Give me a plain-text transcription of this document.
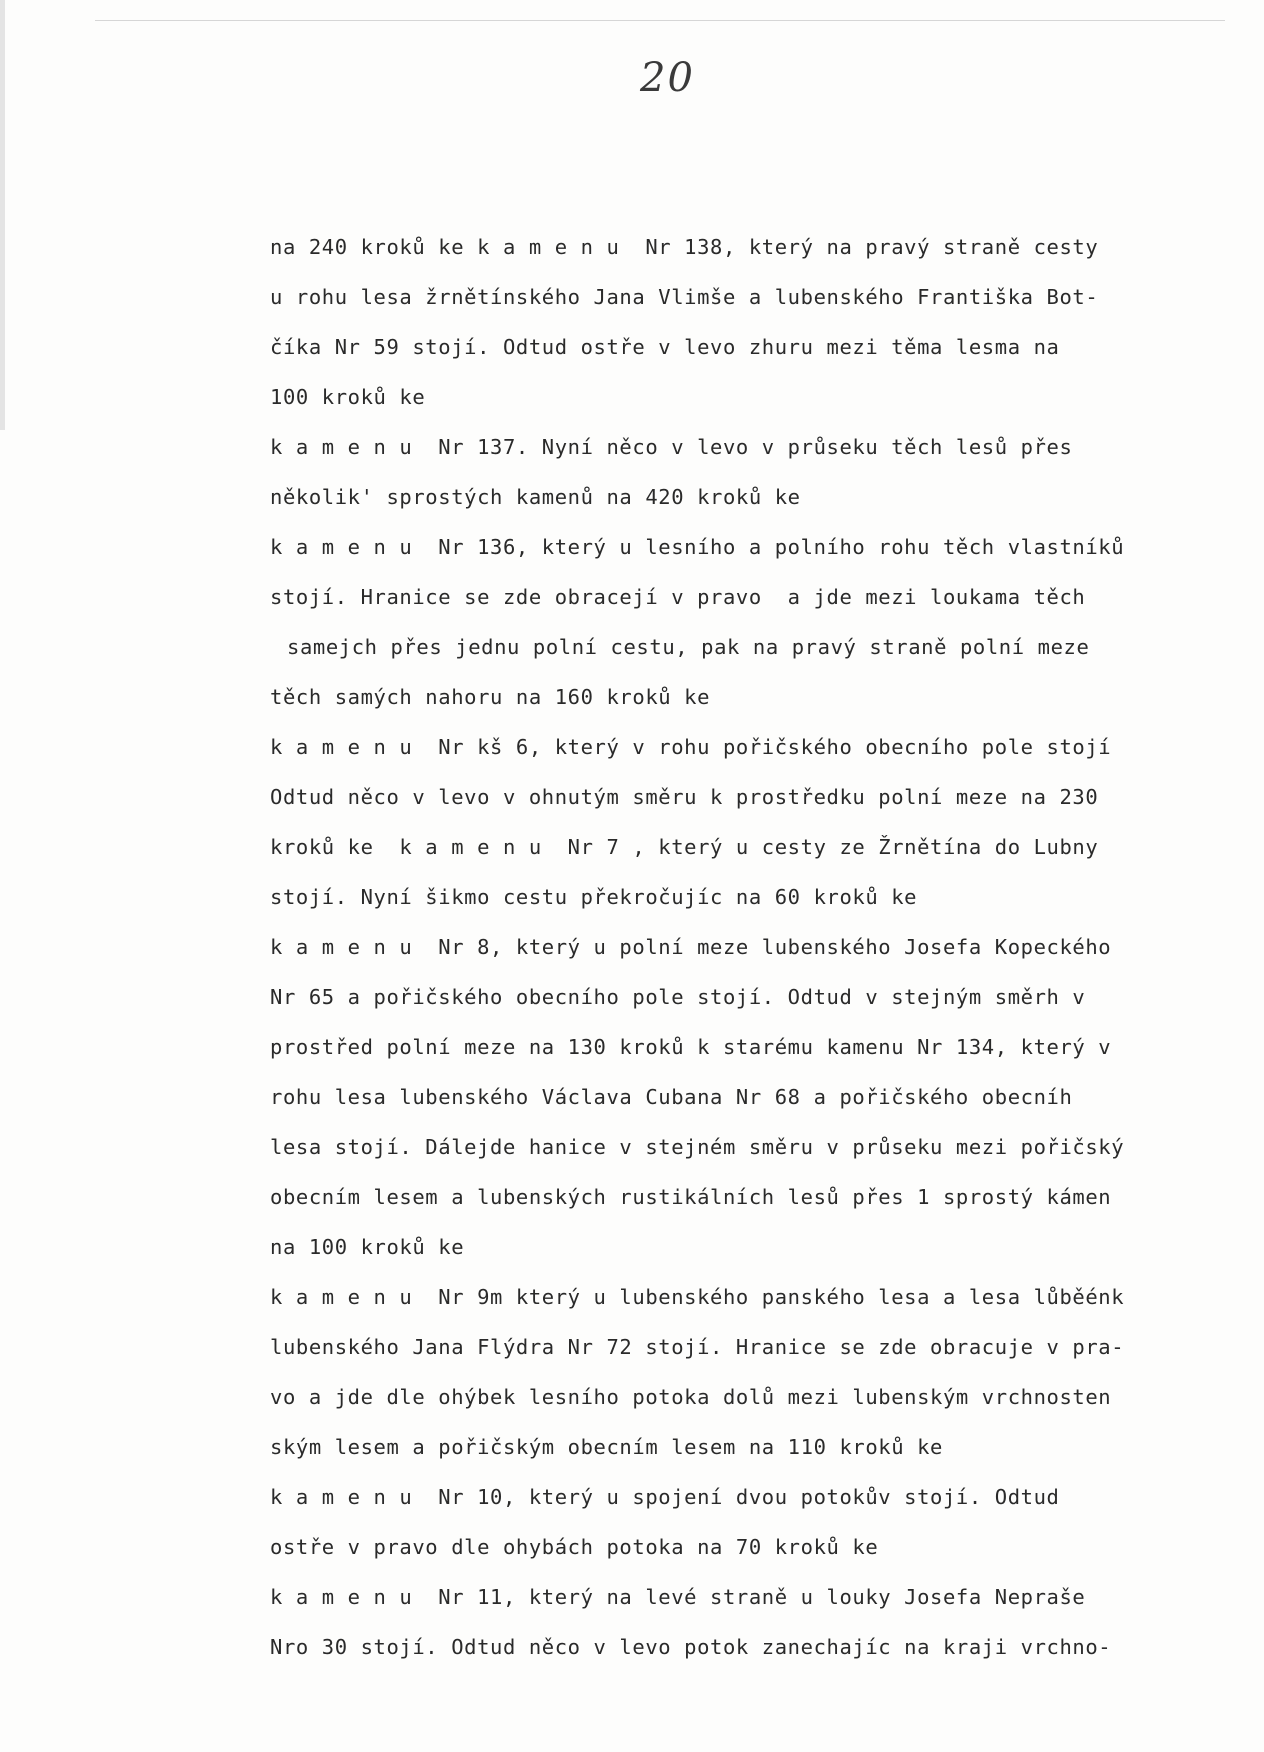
20
na 240 kroků ke k a m e n u  Nr 138, který na pravý straně cesty
u rohu lesa žrnětínského Jana Vlimše a lubenského Františka Bot-
číka Nr 59 stojí. Odtud ostře v levo zhuru mezi těma lesma na
100 kroků ke
k a m e n u  Nr 137. Nyní něco v levo v průseku těch lesů přes
několik' sprostých kamenů na 420 kroků ke
k a m e n u  Nr 136, který u lesního a polního rohu těch vlastníků
stojí. Hranice se zde obracejí v pravo  a jde mezi loukama těch
samejch přes jednu polní cestu, pak na pravý straně polní meze
těch samých nahoru na 160 kroků ke
k a m e n u  Nr kš 6, který v rohu pořičského obecního pole stojí
Odtud něco v levo v ohnutým směru k prostředku polní meze na 230
kroků ke  k a m e n u  Nr 7 , který u cesty ze Žrnětína do Lubny
stojí. Nyní šikmo cestu překročujíc na 60 kroků ke
k a m e n u  Nr 8, který u polní meze lubenského Josefa Kopeckého
Nr 65 a pořičského obecního pole stojí. Odtud v stejným směrh v
prostřed polní meze na 130 kroků k starému kamenu Nr 134, který v
rohu lesa lubenského Václava Cubana Nr 68 a pořičského obecníh
lesa stojí. Dálejde hanice v stejném směru v průseku mezi pořičský
obecním lesem a lubenských rustikálních lesů přes 1 sprostý kámen
na 100 kroků ke
k a m e n u  Nr 9m který u lubenského panského lesa a lesa lůběénk
lubenského Jana Flýdra Nr 72 stojí. Hranice se zde obracuje v pra-
vo a jde dle ohýbek lesního potoka dolů mezi lubenským vrchnosten
ským lesem a pořičským obecním lesem na 110 kroků ke
k a m e n u  Nr 10, který u spojení dvou potokův stojí. Odtud
ostře v pravo dle ohybách potoka na 70 kroků ke
k a m e n u  Nr 11, který na levé straně u louky Josefa Nepraše
Nro 30 stojí. Odtud něco v levo potok zanechajíc na kraji vrchno-
